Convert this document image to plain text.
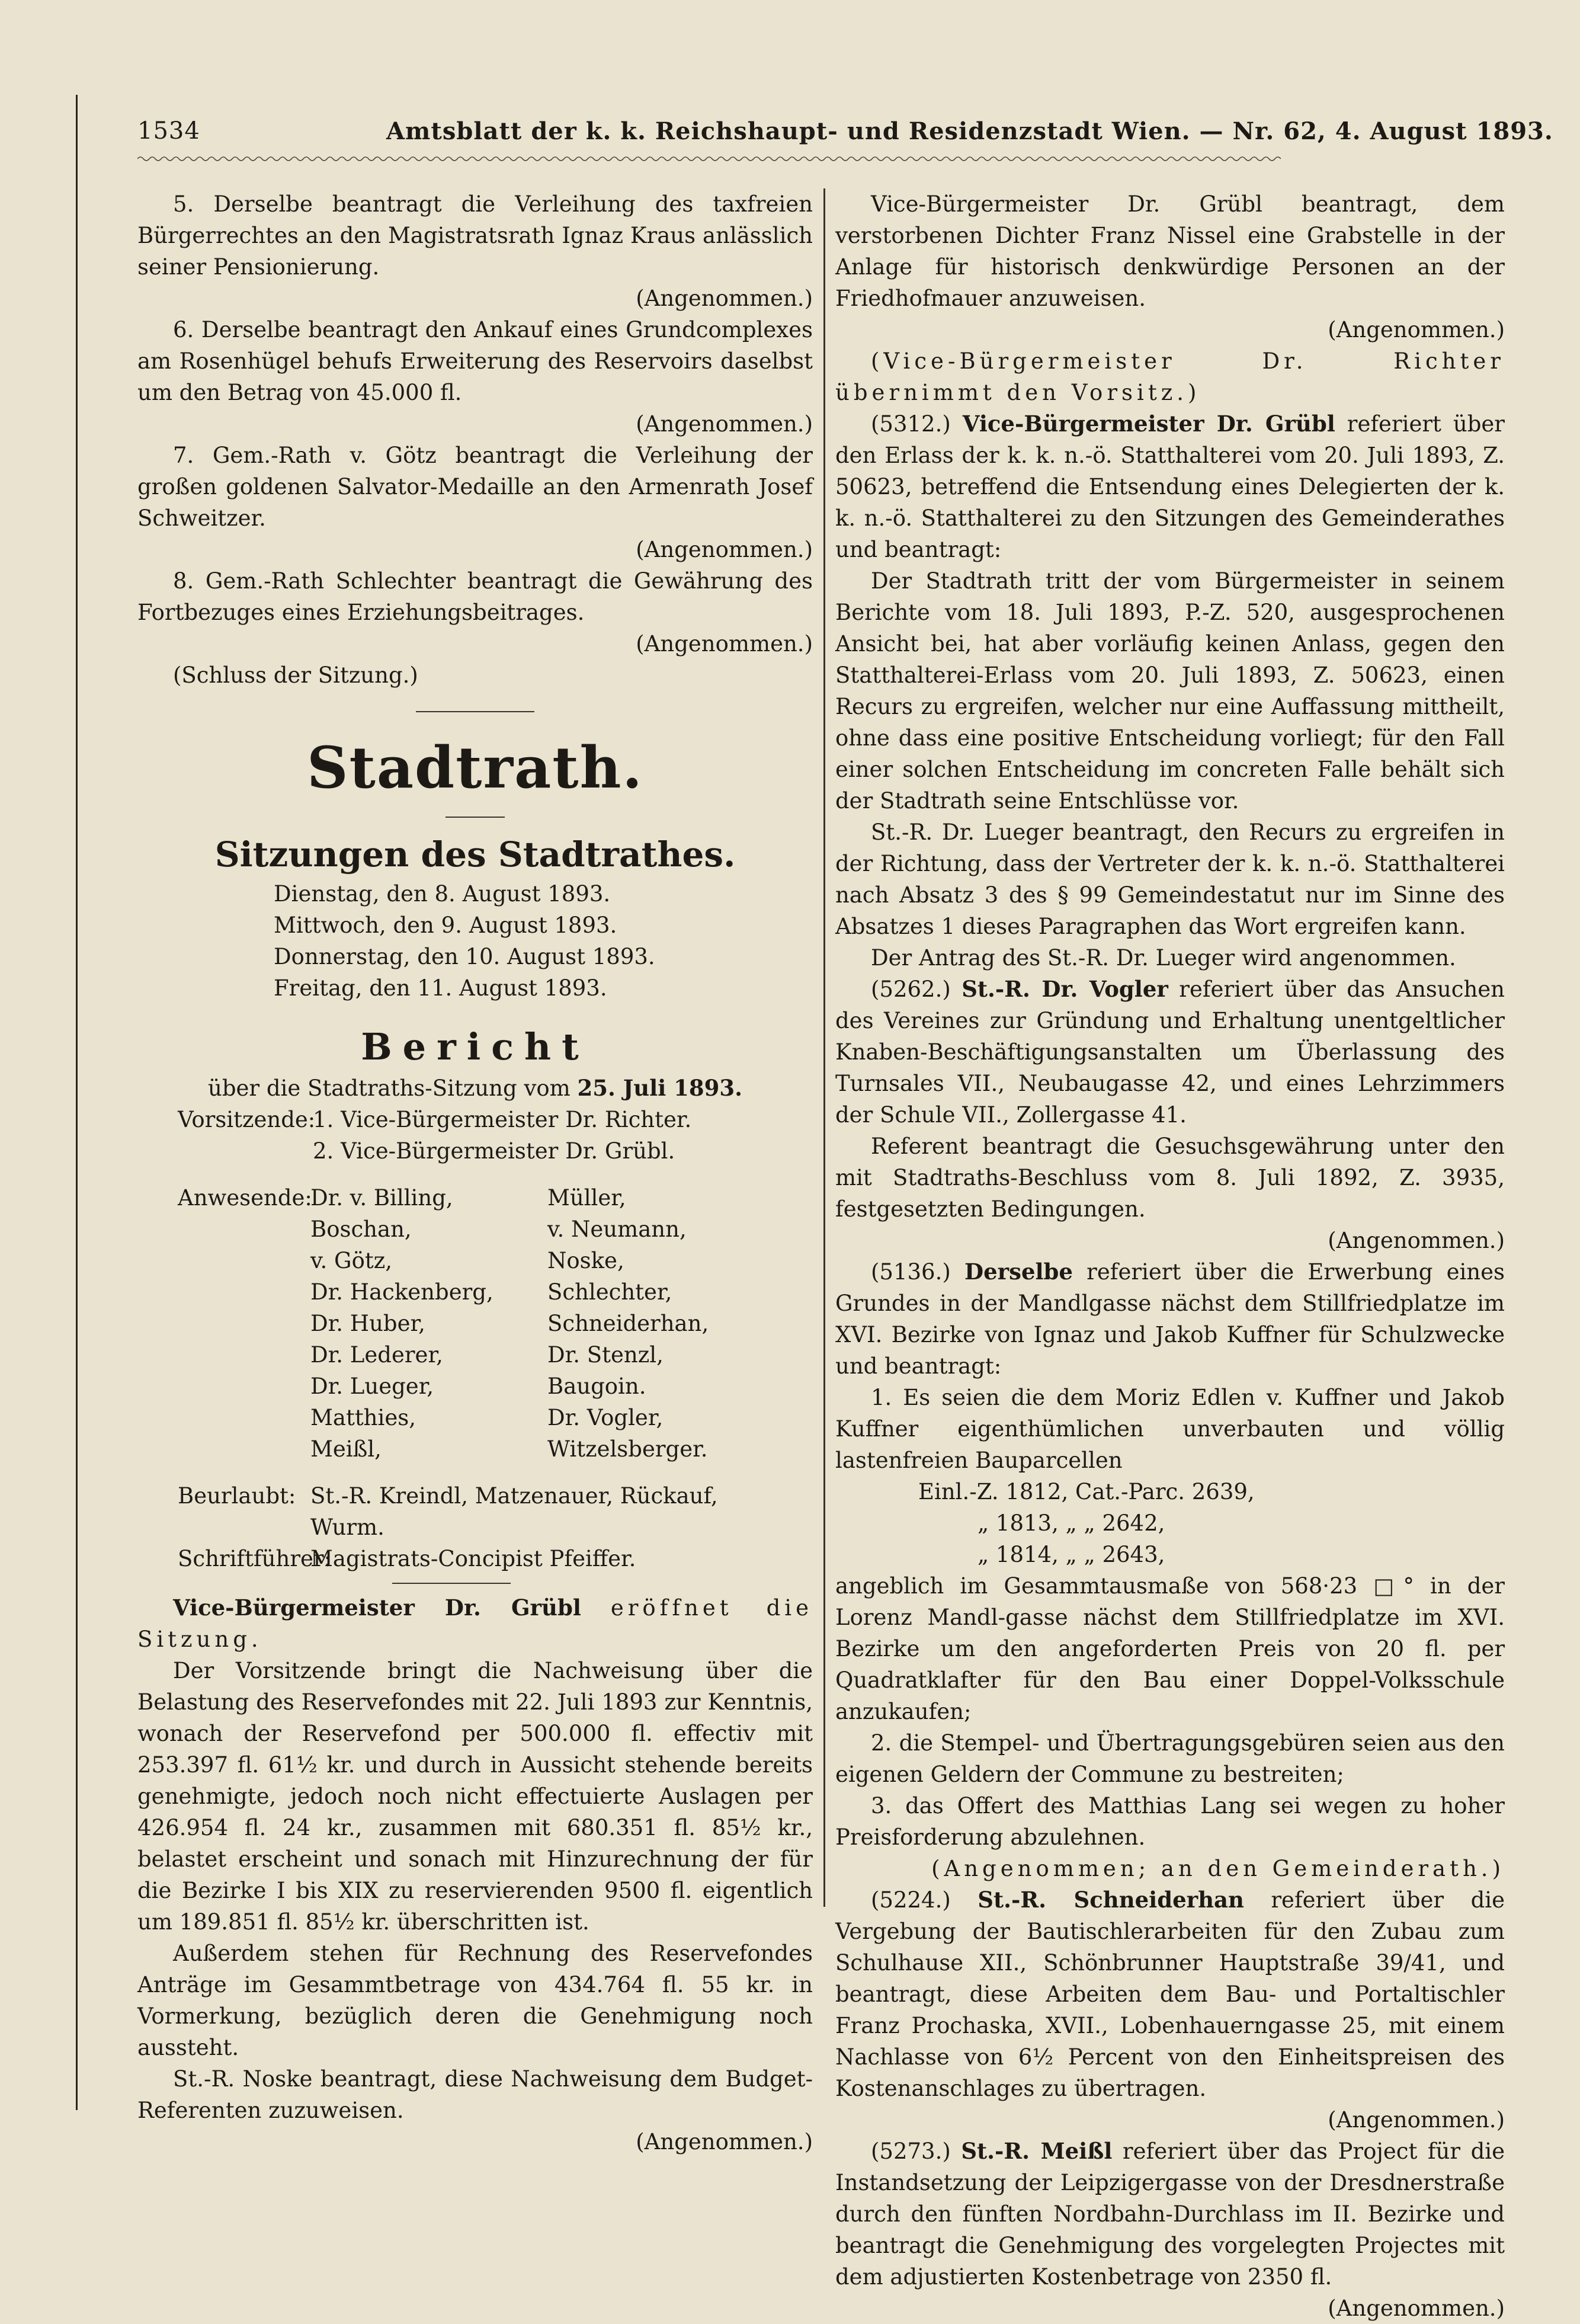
1534	Amtsblatt der k. k. Reichshaupt- und Residenzstadt Wien. — Nr. 62, 4. August 1893.

5. Derselbe beantragt die Verleihung des taxfreien Bürgerrechtes an den Magistratsrath Ignaz Kraus anlässlich seiner Pensionierung.

(Angenommen.)

6. Derselbe beantragt den Ankauf eines Grundcomplexes am Rosenhügel behufs Erweiterung des Reservoirs daselbst um den Betrag von 45.000 fl.

(Angenommen.)

7. Gem.-Rath v. Götz beantragt die Verleihung der großen goldenen Salvator-Medaille an den Armenrath Josef Schweitzer.

(Angenommen.)

8. Gem.-Rath Schlechter beantragt die Gewährung des Fortbezuges eines Erziehungsbeitrages.

(Angenommen.)

(Schluss der Sitzung.)

Stadtrath.

Sitzungen des Stadtrathes.

Dienstag, den 8. August 1893.

Mittwoch, den 9. August 1893.

Donnerstag, den 10. August 1893.

Freitag, den 11. August 1893.

Bericht

über die Stadtraths-Sitzung vom 25. Juli 1893.

Vorsitzende:
1. Vice-Bürgermeister Dr. Richter.
2. Vice-Bürgermeister Dr. Grübl.
Anwesende:
Dr. v. Billing,	Müller,
Boschan,	v. Neumann,
v. Götz,	Noske,
Dr. Hackenberg,	Schlechter,
Dr. Huber,	Schneiderhan,
Dr. Lederer,	Dr. Stenzl,
Dr. Lueger,	Baugoin.
Matthies,	Dr. Vogler,
Meißl,	Witzelsberger.
Beurlaubt: St.-R. Kreindl, Matzenauer, Rückauf,
Wurm.
Schriftführer:
Magistrats-Concipist Pfeiffer.

Vice-Bürgermeister Dr. Grübl eröffnet die Sitzung.

Der Vorsitzende bringt die Nachweisung über die Belastung des Reservefondes mit 22. Juli 1893 zur Kenntnis, wonach der Reservefond per 500.000 fl. effectiv mit 253.397 fl. 61½ kr. und durch in Aussicht stehende bereits genehmigte, jedoch noch nicht effectuierte Auslagen per 426.954 fl. 24 kr., zusammen mit 680.351 fl. 85½ kr., belastet erscheint und sonach mit Hinzurechnung der für die Bezirke I bis XIX zu reservierenden 9500 fl. eigentlich um 189.851 fl. 85½ kr. überschritten ist.

Außerdem stehen für Rechnung des Reservefondes Anträge im Gesammtbetrage von 434.764 fl. 55 kr. in Vormerkung, bezüglich deren die Genehmigung noch aussteht.

St.-R. Noske beantragt, diese Nachweisung dem Budget-Referenten zuzuweisen.

(Angenommen.)

Vice-Bürgermeister Dr. Grübl beantragt, dem verstorbenen Dichter Franz Nissel eine Grabstelle in der Anlage für historisch denkwürdige Personen an der Friedhofmauer anzuweisen.

(Angenommen.)

(Vice-Bürgermeister Dr. Richter übernimmt den Vorsitz.)

(5312.) Vice-Bürgermeister Dr. Grübl referiert über den Erlass der k. k. n.-ö. Statthalterei vom 20. Juli 1893, Z. 50623, betreffend die Entsendung eines Delegierten der k. k. n.-ö. Statthalterei zu den Sitzungen des Gemeinderathes und beantragt:

Der Stadtrath tritt der vom Bürgermeister in seinem Berichte vom 18. Juli 1893, P.-Z. 520, ausgesprochenen Ansicht bei, hat aber vorläufig keinen Anlass, gegen den Statthalterei-Erlass vom 20. Juli 1893, Z. 50623, einen Recurs zu ergreifen, welcher nur eine Auffassung mittheilt, ohne dass eine positive Entscheidung vorliegt; für den Fall einer solchen Entscheidung im concreten Falle behält sich der Stadtrath seine Entschlüsse vor.

St.-R. Dr. Lueger beantragt, den Recurs zu ergreifen in der Richtung, dass der Vertreter der k. k. n.-ö. Statthalterei nach Absatz 3 des § 99 Gemeindestatut nur im Sinne des Absatzes 1 dieses Paragraphen das Wort ergreifen kann.

Der Antrag des St.-R. Dr. Lueger wird angenommen.

(5262.) St.-R. Dr. Vogler referiert über das Ansuchen des Vereines zur Gründung und Erhaltung unentgeltlicher Knaben-Beschäftigungsanstalten um Überlassung des Turnsales VII., Neubaugasse 42, und eines Lehrzimmers der Schule VII., Zollergasse 41.

Referent beantragt die Gesuchsgewährung unter den mit Stadtraths-Beschluss vom 8. Juli 1892, Z. 3935, festgesetzten Bedingungen.

(Angenommen.)

(5136.) Derselbe referiert über die Erwerbung eines Grundes in der Mandlgasse nächst dem Stillfriedplatze im XVI. Bezirke von Ignaz und Jakob Kuffner für Schulzwecke und beantragt:

1. Es seien die dem Moriz Edlen v. Kuffner und Jakob Kuffner eigenthümlichen unverbauten und völlig lastenfreien Bauparcellen

Einl.-Z. 1812, Cat.-Parc. 2639,

„ 1813, „ „ 2642,

„ 1814, „ „ 2643,

angeblich im Gesammtausmaße von 568·23 □° in der Lorenz Mandl-gasse nächst dem Stillfriedplatze im XVI. Bezirke um den angeforderten Preis von 20 fl. per Quadratklafter für den Bau einer Doppel-Volksschule anzukaufen;

2. die Stempel- und Übertragungsgebüren seien aus den eigenen Geldern der Commune zu bestreiten;

3. das Offert des Matthias Lang sei wegen zu hoher Preisforderung abzulehnen.

(Angenommen; an den Gemeinderath.)

(5224.) St.-R. Schneiderhan referiert über die Vergebung der Bautischlerarbeiten für den Zubau zum Schulhause XII., Schönbrunner Hauptstraße 39/41, und beantragt, diese Arbeiten dem Bau- und Portaltischler Franz Prochaska, XVII., Lobenhauerngasse 25, mit einem Nachlasse von 6½ Percent von den Einheitspreisen des Kostenanschlages zu übertragen.

(Angenommen.)

(5273.) St.-R. Meißl referiert über das Project für die Instandsetzung der Leipzigergasse von der Dresdnerstraße durch den fünften Nordbahn-Durchlass im II. Bezirke und beantragt die Genehmigung des vorgelegten Projectes mit dem adjustierten Kostenbetrage von 2350 fl.

(Angenommen.)
